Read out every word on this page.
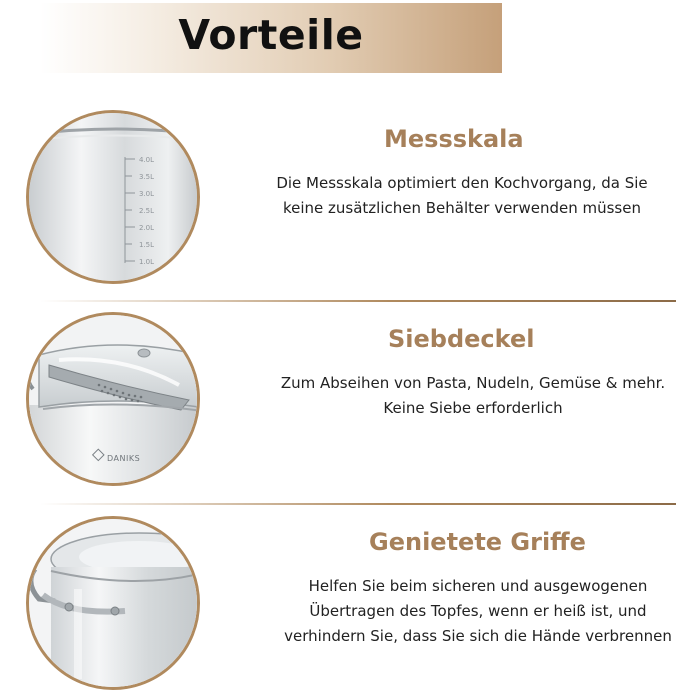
Vorteile
4.0L
3.5L
3.0L
2.5L
2.0L
1.5L
1.0L
Messskala
Die Messskala optimiert den Kochvorgang, da Sie
keine zusätzlichen Behälter verwenden müssen
DANIKS
Siebdeckel
Zum Abseihen von Pasta, Nudeln, Gemüse & mehr.
Keine Siebe erforderlich
Genietete Griffe
Helfen Sie beim sicheren und ausgewogenen
Übertragen des Topfes, wenn er heiß ist, und
verhindern Sie, dass Sie sich die Hände verbrennen
